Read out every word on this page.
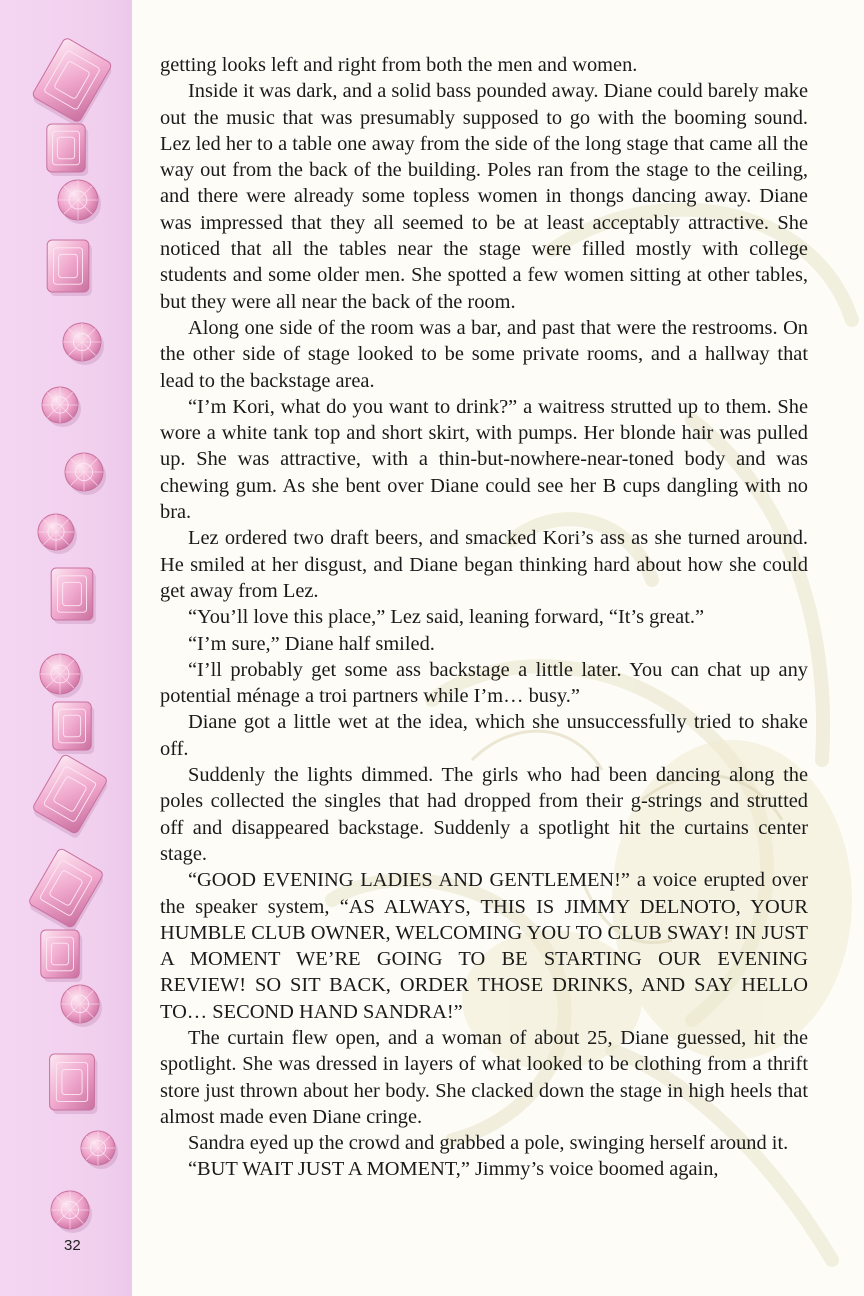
getting looks left and right from both the men and women.

Inside it was dark, and a solid bass pounded away. Diane could barely make out the music that was presumably supposed to go with the booming sound. Lez led her to a table one away from the side of the long stage that came all the way out from the back of the building. Poles ran from the stage to the ceiling, and there were already some topless women in thongs dancing away. Diane was impressed that they all seemed to be at least acceptably attractive. She noticed that all the tables near the stage were filled mostly with college students and some older men. She spotted a few women sitting at other tables, but they were all near the back of the room.

Along one side of the room was a bar, and past that were the restrooms. On the other side of stage looked to be some private rooms, and a hallway that lead to the backstage area.

“I’m Kori, what do you want to drink?” a waitress strutted up to them. She wore a white tank top and short skirt, with pumps. Her blonde hair was pulled up. She was attractive, with a thin-but-nowhere-near-toned body and was chewing gum. As she bent over Diane could see her B cups dangling with no bra.

Lez ordered two draft beers, and smacked Kori’s ass as she turned around. He smiled at her disgust, and Diane began thinking hard about how she could get away from Lez.

“You’ll love this place,” Lez said, leaning forward, “It’s great.”

“I’m sure,” Diane half smiled.

“I’ll probably get some ass backstage a little later. You can chat up any potential ménage a troi partners while I’m… busy.”

Diane got a little wet at the idea, which she unsuccessfully tried to shake off.

Suddenly the lights dimmed. The girls who had been dancing along the poles collected the singles that had dropped from their g-strings and strutted off and disappeared backstage. Suddenly a spotlight hit the curtains center stage.

“GOOD EVENING LADIES AND GENTLEMEN!” a voice erupted over the speaker system, “AS ALWAYS, THIS IS JIMMY DELNOTO, YOUR HUMBLE CLUB OWNER, WELCOMING YOU TO CLUB SWAY! IN JUST A MOMENT WE’RE GOING TO BE STARTING OUR EVENING REVIEW! SO SIT BACK, ORDER THOSE DRINKS, AND SAY HELLO TO… SECOND HAND SANDRA!”

The curtain flew open, and a woman of about 25, Diane guessed, hit the spotlight. She was dressed in layers of what looked to be clothing from a thrift store just thrown about her body. She clacked down the stage in high heels that almost made even Diane cringe.

Sandra eyed up the crowd and grabbed a pole, swinging herself around it.

“BUT WAIT JUST A MOMENT,” Jimmy’s voice boomed again,

32
